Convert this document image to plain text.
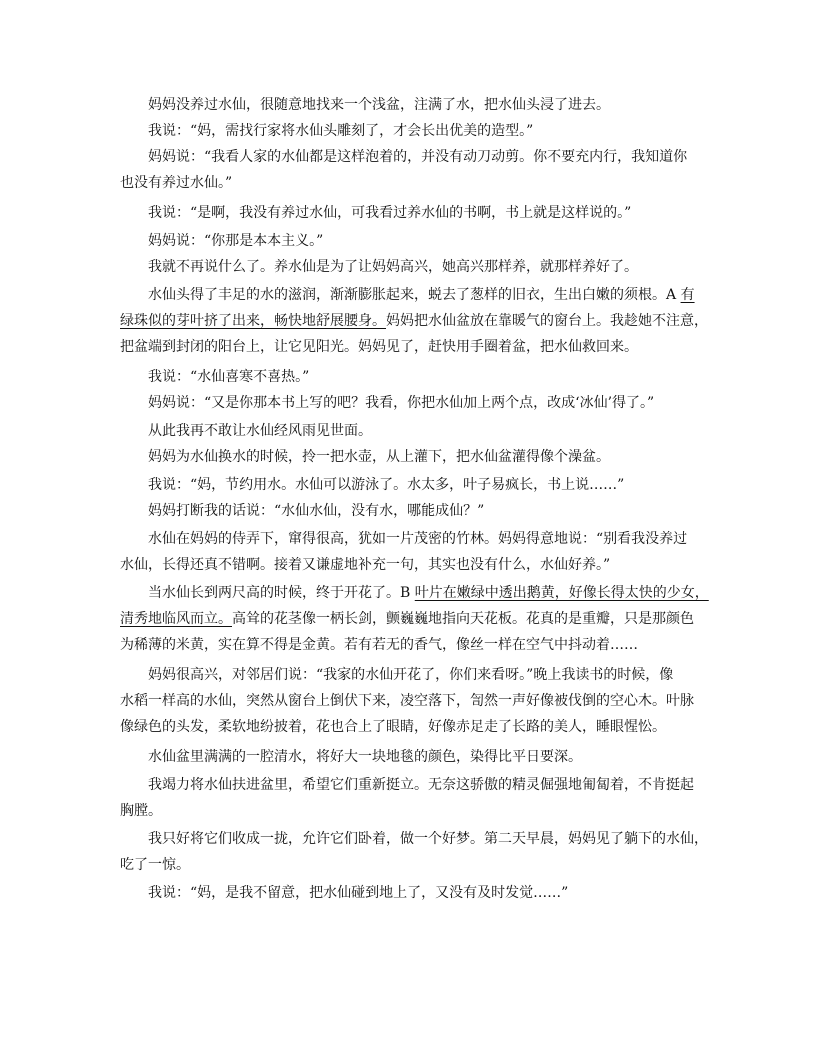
妈妈没养过水仙，很随意地找来一个浅盆，注满了水，把水仙头浸了进去。
我说：“妈，需找行家将水仙头雕刻了，才会长出优美的造型。”
妈妈说：“我看人家的水仙都是这样泡着的，并没有动刀动剪。你不要充内行，我知道你
也没有养过水仙。”
我说：“是啊，我没有养过水仙，可我看过养水仙的书啊，书上就是这样说的。”
妈妈说：“你那是本本主义。”
我就不再说什么了。养水仙是为了让妈妈高兴，她高兴那样养，就那样养好了。
水仙头得了丰足的水的滋润，渐渐膨胀起来，蜕去了葱样的旧衣，生出白嫩的须根。A 有
绿珠似的芽叶挤了出来，畅快地舒展腰身。妈妈把水仙盆放在靠暖气的窗台上。我趁她不注意，
把盆端到封闭的阳台上，让它见阳光。妈妈见了，赶快用手圈着盆，把水仙救回来。
我说：“水仙喜寒不喜热。”
妈妈说：“又是你那本书上写的吧？我看，你把水仙加上两个点，改成‘冰仙’得了。”
从此我再不敢让水仙经风雨见世面。
妈妈为水仙换水的时候，拎一把水壶，从上灌下，把水仙盆灌得像个澡盆。
我说：“妈，节约用水。水仙可以游泳了。水太多，叶子易疯长，书上说……”
妈妈打断我的话说：“水仙水仙，没有水，哪能成仙？”
水仙在妈妈的侍弄下，窜得很高，犹如一片茂密的竹林。妈妈得意地说：“别看我没养过
水仙，长得还真不错啊。接着又谦虚地补充一句，其实也没有什么，水仙好养。”
当水仙长到两尺高的时候，终于开花了。B 叶片在嫩绿中透出鹅黄，好像长得太快的少女，
清秀地临风而立。高耸的花茎像一柄长剑，颤巍巍地指向天花板。花真的是重瓣，只是那颜色
为稀薄的米黄，实在算不得是金黄。若有若无的香气，像丝一样在空气中抖动着……
妈妈很高兴，对邻居们说：“我家的水仙开花了，你们来看呀。”晚上我读书的时候，像
水稻一样高的水仙，突然从窗台上倒伏下来，凌空落下，訇然一声好像被伐倒的空心木。叶脉
像绿色的头发，柔软地纷披着，花也合上了眼睛，好像赤足走了长路的美人，睡眼惺忪。
水仙盆里满满的一腔清水，将好大一块地毯的颜色，染得比平日要深。
我竭力将水仙扶进盆里，希望它们重新挺立。无奈这骄傲的精灵倔强地匍匐着，不肯挺起
胸膛。
我只好将它们收成一拢，允许它们卧着，做一个好梦。第二天早晨，妈妈见了躺下的水仙，
吃了一惊。
我说：“妈，是我不留意，把水仙碰到地上了，又没有及时发觉……”
